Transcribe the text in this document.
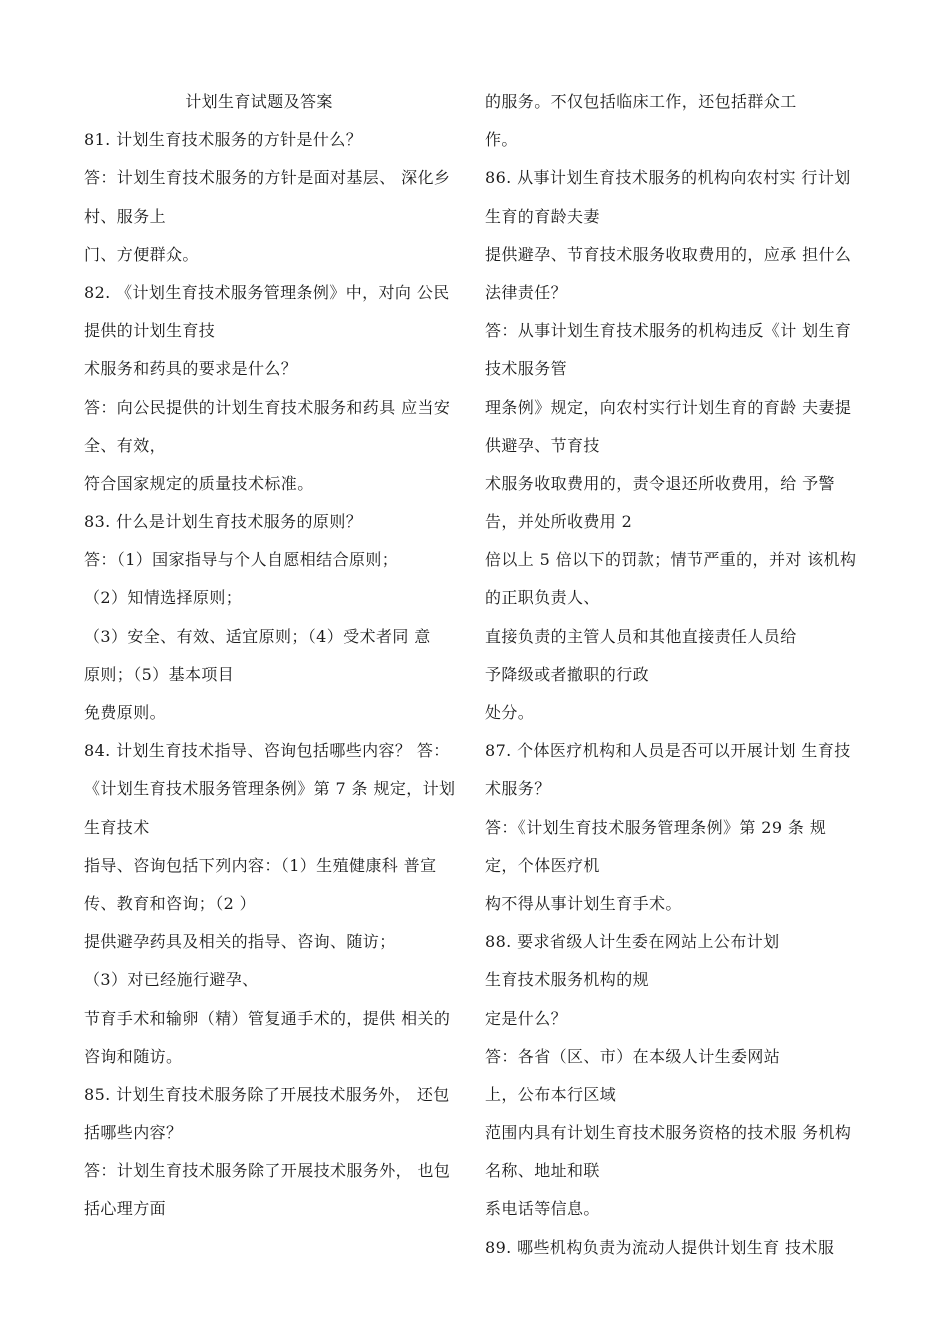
计划生育试题及答案
81. 计划生育技术服务的方针是什么？
答：计划生育技术服务的方针是面对基层、 深化乡
村、服务上
门、方便群众。
82. 《计划生育技术服务管理条例》中，对向 公民
提供的计划生育技
术服务和药具的要求是什么？
答：向公民提供的计划生育技术服务和药具 应当安
全、有效，
符合国家规定的质量技术标准。
83. 什么是计划生育技术服务的原则？
答：（1）国家指导与个人自愿相结合原则；
（2）知情选择原则；
（3）安全、有效、适宜原则；（4）受术者同 意
原则；（5）基本项目
免费原则。
84. 计划生育技术指导、咨询包括哪些内容？ 答：
《计划生育技术服务管理条例》第 7 条 规定，计划
生育技术
指导、咨询包括下列内容：（1）生殖健康科 普宣
传、教育和咨询；（2 ）
提供避孕药具及相关的指导、咨询、随访；
（3）对已经施行避孕、
节育手术和输卵（精）管复通手术的，提供 相关的
咨询和随访。
85. 计划生育技术服务除了开展技术服务外， 还包
括哪些内容？
答：计划生育技术服务除了开展技术服务外， 也包
括心理方面
的服务。不仅包括临床工作，还包括群众工
作。
86. 从事计划生育技术服务的机构向农村实 行计划
生育的育龄夫妻
提供避孕、节育技术服务收取费用的，应承 担什么
法律责任？
答：从事计划生育技术服务的机构违反《计 划生育
技术服务管
理条例》规定，向农村实行计划生育的育龄 夫妻提
供避孕、节育技
术服务收取费用的，责令退还所收费用，给 予警
告，并处所收费用 2
倍以上 5 倍以下的罚款；情节严重的，并对 该机构
的正职负责人、
直接负责的主管人员和其他直接责任人员给
予降级或者撤职的行政
处分。
87. 个体医疗机构和人员是否可以开展计划 生育技
术服务？
答：《计划生育技术服务管理条例》第 29 条 规
定，个体医疗机
构不得从事计划生育手术。
88. 要求省级人计生委在网站上公布计划
生育技术服务机构的规
定是什么？
答：各省（区、市）在本级人计生委网站
上，公布本行区域
范围内具有计划生育技术服务资格的技术服 务机构
名称、地址和联
系电话等信息。
89. 哪些机构负责为流动人提供计划生育 技术服
